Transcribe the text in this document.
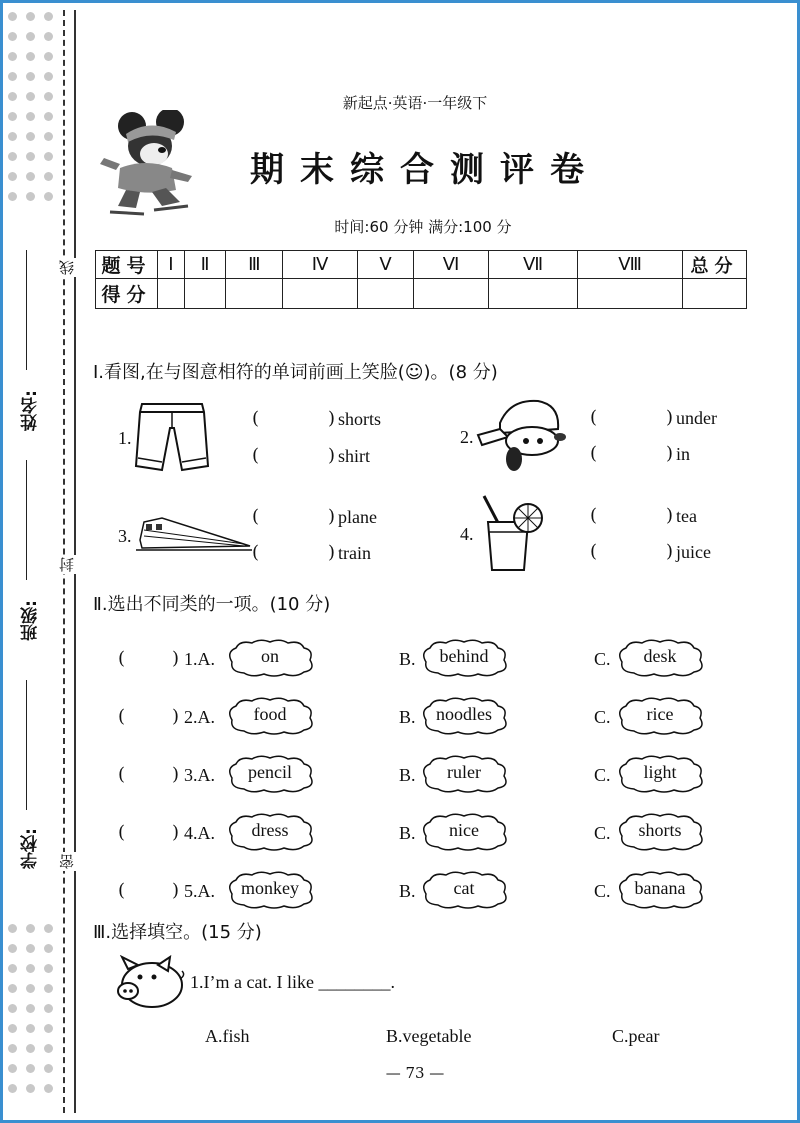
姓名:
班级:
学校:
线
封
密
新起点·英语·一年级下
期末综合测评卷
时间:60 分钟 满分:100 分
题号	Ⅰ	Ⅱ	Ⅲ	Ⅳ	Ⅴ	Ⅵ	Ⅶ	Ⅷ	总分
得分									
Ⅰ.看图,在与图意相符的单词前画上笑脸(☺)。(8 分)
1.
(	) shorts
(	) shirt
2.
(	) under
(	) in
3.
(	) plane
(	) train
4.
(	) tea
(	) juice
Ⅱ.选出不同类的一项。(10 分)
(	) 1.A.	on	B.	behind	C.	desk
(	) 2.A.	food	B.	noodles	C.	rice
(	) 3.A.	pencil	B.	ruler	C.	light
(	) 4.A.	dress	B.	nice	C.	shorts
(	) 5.A.	monkey	B.	cat	C.	banana
Ⅲ.选择填空。(15 分)
1.I’m a cat. I like ________.
A.fish	B.vegetable	C.pear
— 73 —
